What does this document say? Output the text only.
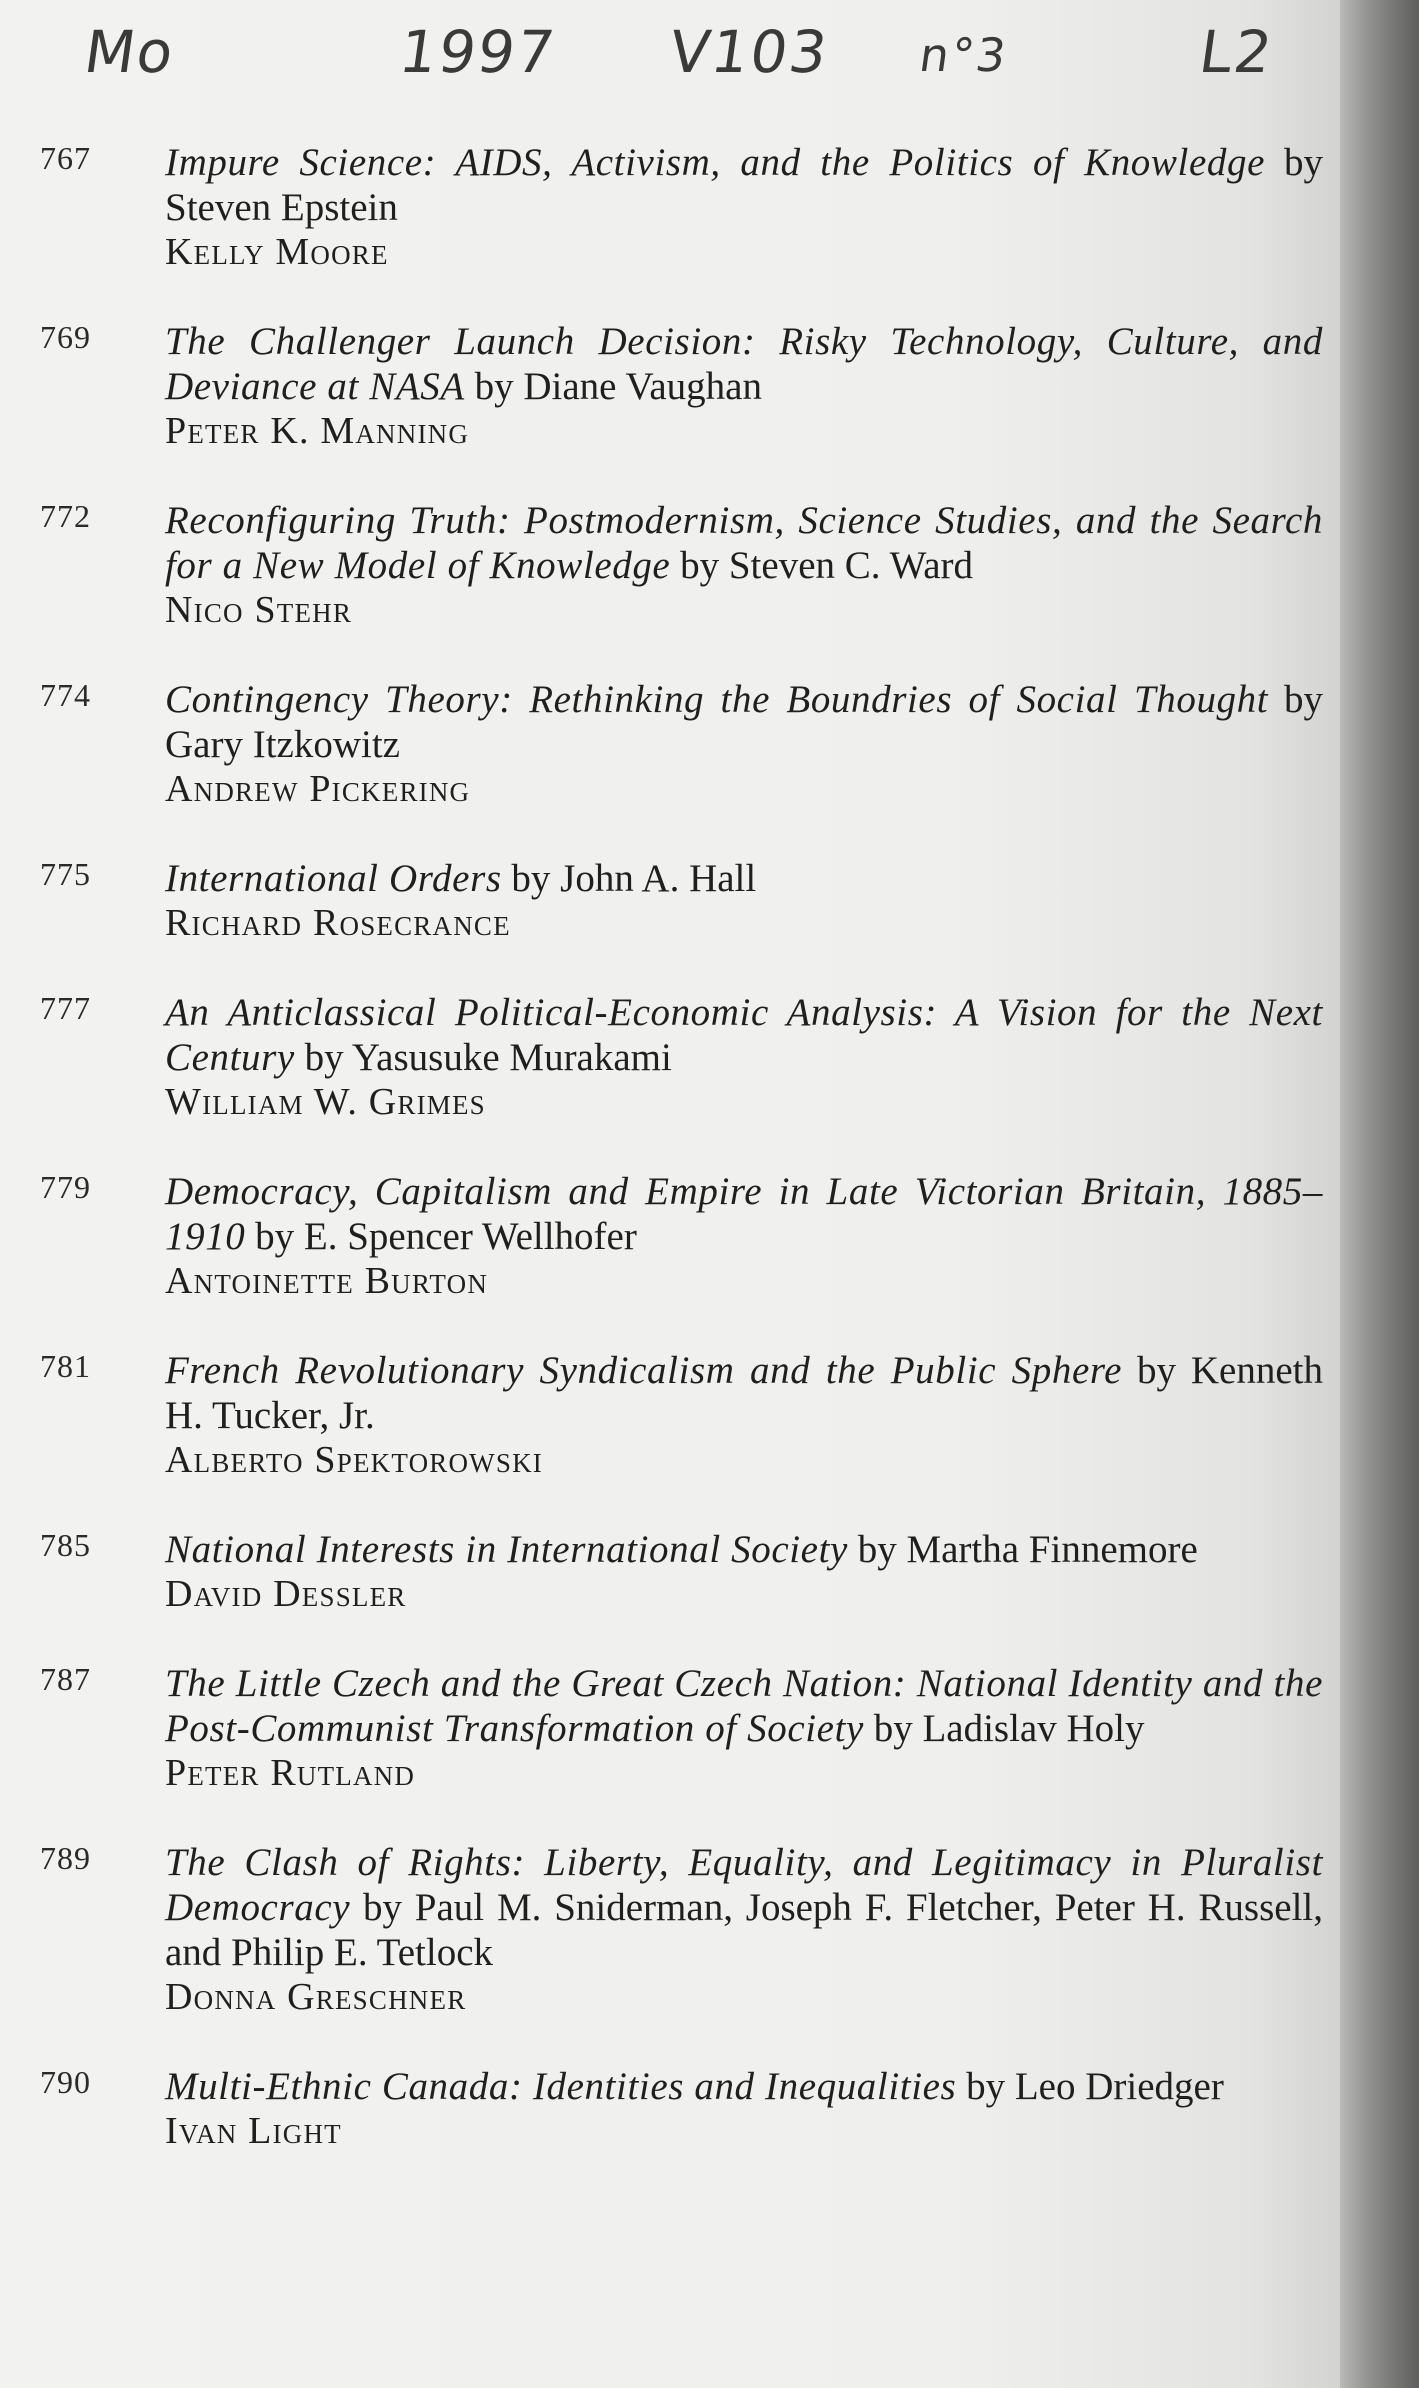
Mo	1997 V103 n°3	L2
767 Impure Science: AIDS, Activism, and the Politics of Knowledge by Steven Epstein
Kelly Moore
769 The Challenger Launch Decision: Risky Technology, Culture, and Deviance at NASA by Diane Vaughan
Peter K. Manning
772 Reconfiguring Truth: Postmodernism, Science Studies, and the Search for a New Model of Knowledge by Steven C. Ward
Nico Stehr
774 Contingency Theory: Rethinking the Boundries of Social Thought by Gary Itzkowitz
Andrew Pickering
775 International Orders by John A. Hall
Richard Rosecrance
777 An Anticlassical Political-Economic Analysis: A Vision for the Next Century by Yasusuke Murakami
William W. Grimes
779 Democracy, Capitalism and Empire in Late Victorian Britain, 1885–1910 by E. Spencer Wellhofer
Antoinette Burton
781 French Revolutionary Syndicalism and the Public Sphere by Kenneth H. Tucker, Jr.
Alberto Spektorowski
785 National Interests in International Society by Martha Finnemore
David Dessler
787 The Little Czech and the Great Czech Nation: National Identity and the Post-Communist Transformation of Society by Ladislav Holy
Peter Rutland
789 The Clash of Rights: Liberty, Equality, and Legitimacy in Pluralist Democracy by Paul M. Sniderman, Joseph F. Fletcher, Peter H. Russell, and Philip E. Tetlock
Donna Greschner
790 Multi-Ethnic Canada: Identities and Inequalities by Leo Driedger
Ivan Light
